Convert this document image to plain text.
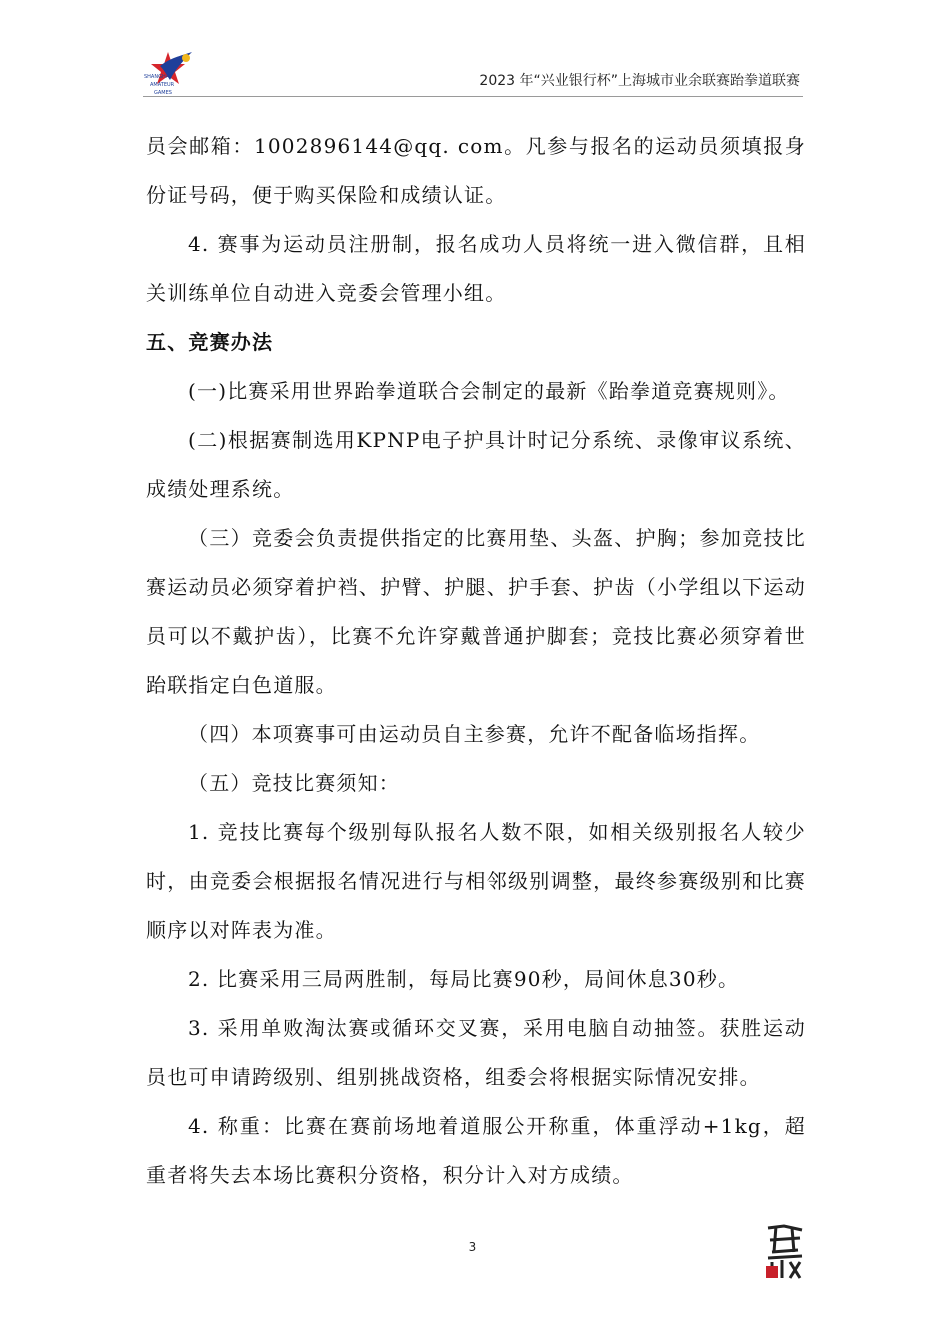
SHANGHAI
AMATEUR
GAMES
2023 年“兴业银行杯”上海城市业余联赛跆拳道联赛

员会邮箱：1002896144@qq. com。凡参与报名的运动员须填报身份证号码，便于购买保险和成绩认证。

4. 赛事为运动员注册制，报名成功人员将统一进入微信群，且相关训练单位自动进入竞委会管理小组。

五、竞赛办法

(一)比赛采用世界跆拳道联合会制定的最新《跆拳道竞赛规则》。

(二)根据赛制选用KPNP电子护具计时记分系统、录像审议系统、成绩处理系统。

（三）竞委会负责提供指定的比赛用垫、头盔、护胸；参加竞技比赛运动员必须穿着护裆、护臂、护腿、护手套、护齿（小学组以下运动员可以不戴护齿），比赛不允许穿戴普通护脚套；竞技比赛必须穿着世跆联指定白色道服。

（四）本项赛事可由运动员自主参赛，允许不配备临场指挥。

（五）竞技比赛须知：

1. 竞技比赛每个级别每队报名人数不限，如相关级别报名人较少时，由竞委会根据报名情况进行与相邻级别调整，最终参赛级别和比赛顺序以对阵表为准。

2. 比赛采用三局两胜制，每局比赛90秒，局间休息30秒。

3. 采用单败淘汰赛或循环交叉赛，采用电脑自动抽签。获胜运动员也可申请跨级别、组别挑战资格，组委会将根据实际情况安排。

4. 称重：比赛在赛前场地着道服公开称重，体重浮动+1kg，超重者将失去本场比赛积分资格，积分计入对方成绩。

3
